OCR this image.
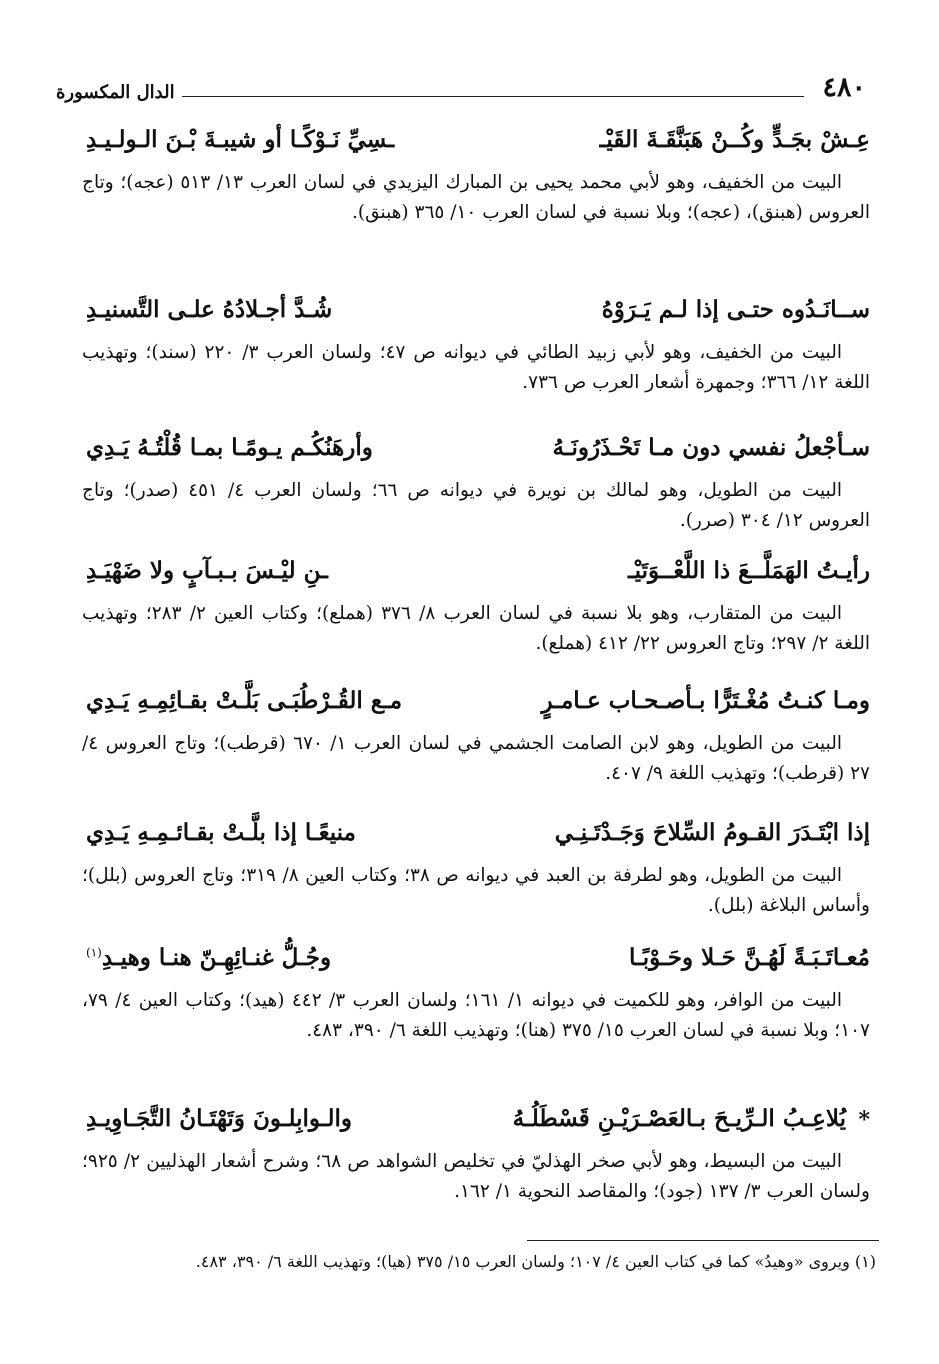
٤٨٠
الدال المكسورة
عِـشْ بجَـدٍّ وكُــنْ هَبَنَّقَـةَ القَيْـ
ـسِيِّ نَـوْكًـا أو شيبـةَ بْـنَ الـولـيـدِ

البيت من الخفيف، وهو لأبي محمد يحيى بن المبارك اليزيدي في لسان العرب ١٣/ ٥١٣ (عجه)؛ وتاج العروس (هبنق)، (عجه)؛ وبلا نسبة في لسان العرب ١٠/ ٣٦٥ (هبنق).

ســانَـدُوه حتـى إذا لـم يَـرَوْهُ
شُـدَّ أجـلادُهُ علـى التَّسنيـدِ

البيت من الخفيف، وهو لأبي زبيد الطائي في ديوانه ص ٤٧؛ ولسان العرب ٣/ ٢٢٠ (سند)؛ وتهذيب اللغة ١٢/ ٣٦٦؛ وجمهرة أشعار العرب ص ٧٣٦.

سـأجْعلُ نفسي دون مـا تَحْـذَرُونَـهُ
وأرهَنُكُـم يـومًـا بمـا قُلْتُـهُ يَـدِي

البيت من الطويل، وهو لمالك بن نويرة في ديوانه ص ٦٦؛ ولسان العرب ٤/ ٤٥١ (صدر)؛ وتاج العروس ١٢/ ٣٠٤ (صرر).

رأيـتُ الهَمَلَّــعَ ذا اللَّعْــوَتَيْـ
ـنِ ليْـسَ بـبـآبٍ ولا ضَهْيَـدِ

البيت من المتقارب، وهو بلا نسبة في لسان العرب ٨/ ٣٧٦ (هملع)؛ وكتاب العين ٢/ ٢٨٣؛ وتهذيب اللغة ٢/ ٢٩٧؛ وتاج العروس ٢٢/ ٤١٢ (هملع).

ومـا كنـتُ مُغْـتَرًّا بـأصـحـاب عـامـرٍ
مـع القُـرْطُبَـى بَلَّـتْ بقـائِمِـهِ يَـدِي

البيت من الطويل، وهو لابن الصامت الجشمي في لسان العرب ١/ ٦٧٠ (قرطب)؛ وتاج العروس ٤/ ٢٧ (قرطب)؛ وتهذيب اللغة ٩/ ٤٠٧.

إذا ابْتَـدَرَ القـومُ السِّلاحَ وَجَـدْتَـنِـي
منيعًـا إذا بلَّـتْ بقـائـمِـهِ يَـدِي

البيت من الطويل، وهو لطرفة بن العبد في ديوانه ص ٣٨؛ وكتاب العين ٨/ ٣١٩؛ وتاج العروس (بلل)؛ وأساس البلاغة (بلل).

مُعـاتَـبَـةً لَهُـنَّ حَـلا وحَـوْبًـا
وجُـلُّ غنـائِهِـنّ هنـا وهيـدِ$^{(١)}$

البيت من الوافر، وهو للكميت في ديوانه ١/ ١٦١؛ ولسان العرب ٣/ ٤٤٢ (هيد)؛ وكتاب العين ٤/ ٧٩، ١٠٧؛ وبلا نسبة في لسان العرب ١٥/ ٣٧٥ (هنا)؛ وتهذيب اللغة ٦/ ٣٩٠، ٤٨٣.

*
يُلاعِـبُ الـرِّيـحَ بـالعَصْـرَيْـنِ قَسْطَلُـهُ
والـوابِلـونَ وَتَهْتَـانُ التَّجَـاوِيـدِ

البيت من البسيط، وهو لأبي صخر الهذليّ في تخليص الشواهد ص ٦٨؛ وشرح أشعار الهذليين ٢/ ٩٢٥؛ ولسان العرب ٣/ ١٣٧ (جود)؛ والمقاصد النحوية ١/ ١٦٢.

(١) ويروى «وهيدُ» كما في كتاب العين ٤/ ١٠٧؛ ولسان العرب ١٥/ ٣٧٥ (هيا)؛ وتهذيب اللغة ٦/ ٣٩٠، ٤٨٣.
